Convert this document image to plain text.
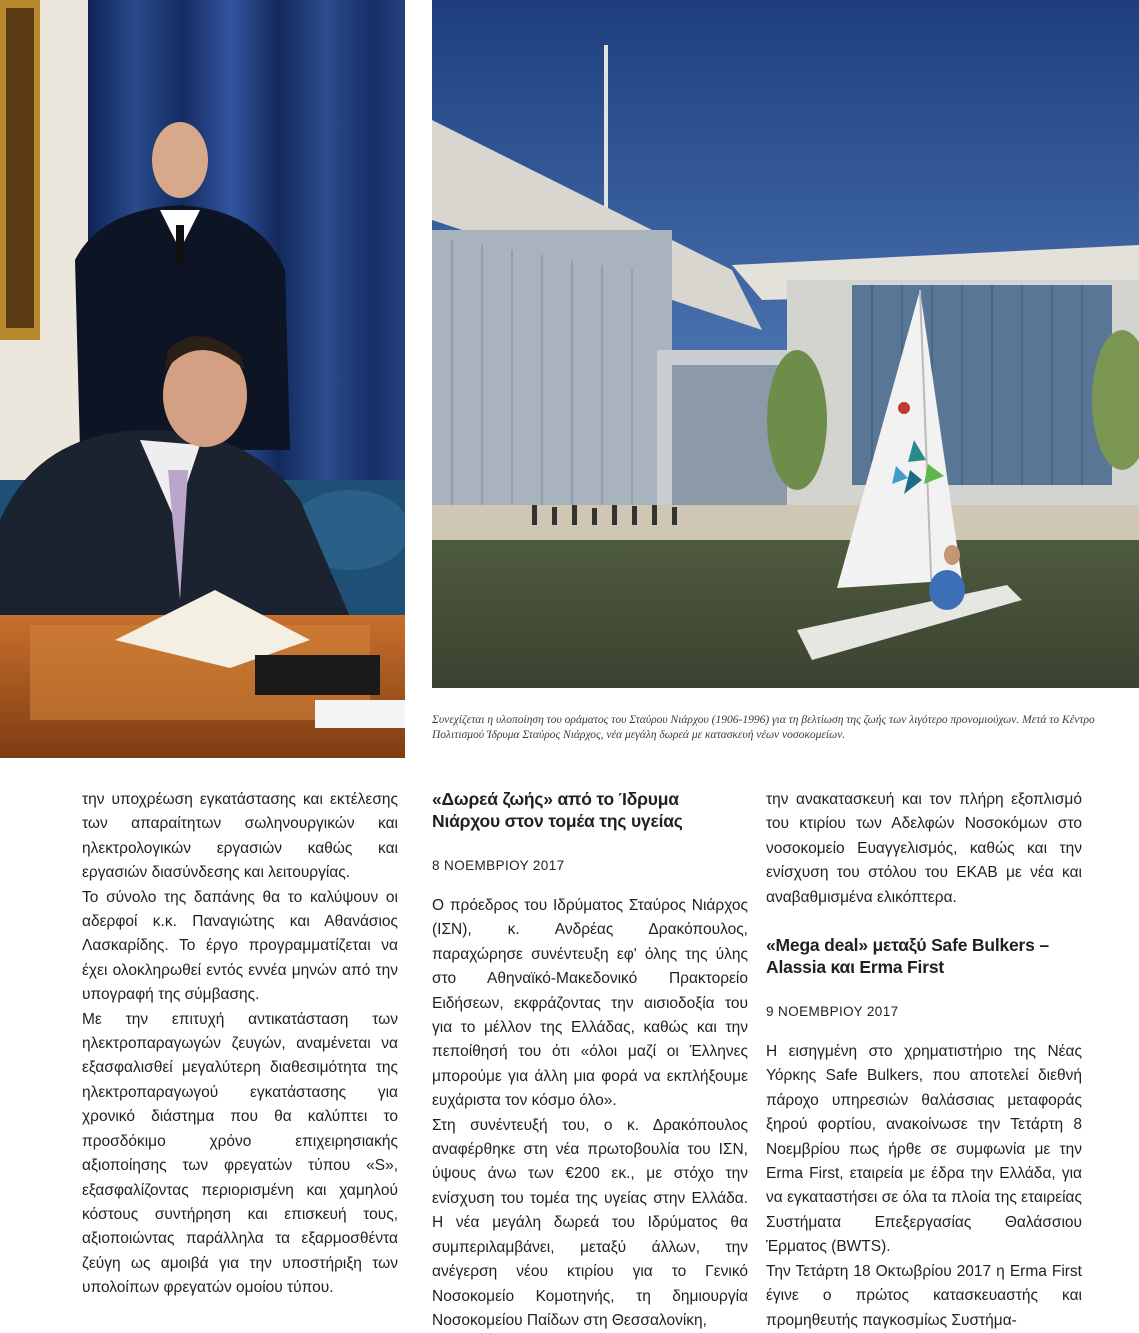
Συνεχίζεται η υλοποίηση του οράματος του Σταύρου Νιάρχου (1906-1996) για τη βελτίωση της ζωής των λιγότερο προνομιούχων. Μετά το Κέντρο Πολιτισμού Ίδρυμα Σταύρος Νιάρχος, νέα μεγάλη δωρεά με κατασκευή νέων νοσοκομείων.

την υποχρέωση εγκατάστασης και εκτέλεσης των απαραίτητων σωληνουργικών και ηλεκτρολογικών εργασιών καθώς και εργασιών διασύνδεσης και λειτουργίας.

Το σύνολο της δαπάνης θα το καλύψουν οι αδερφοί κ.κ. Παναγιώτης και Αθανάσιος Λασκαρίδης. Το έργο προγραμματίζεται να έχει ολοκληρωθεί εντός εννέα μηνών από την υπογραφή της σύμβασης.

Με την επιτυχή αντικατάσταση των ηλεκτροπαραγωγών ζευγών, αναμένεται να εξασφαλισθεί μεγαλύτερη διαθεσιμότητα της ηλεκτροπαραγωγού εγκατάστασης για χρονικό διάστημα που θα καλύπτει το προσδόκιμο χρόνο επιχειρησιακής αξιοποίησης των φρεγατών τύπου «S», εξασφαλίζοντας περιορισμένη και χαμηλού κόστους συντήρηση και επισκευή τους, αξιοποιώντας παράλληλα τα εξαρμοσθέντα ζεύγη ως αμοιβά για την υποστήριξη των υπολοίπων φρεγατών ομοίου τύπου.

«Δωρεά ζωής» από το Ίδρυμα Νιάρχου στον τομέα της υγείας

8 ΝΟΕΜΒΡΙΟΥ 2017

Ο πρόεδρος του Ιδρύματος Σταύρος Νιάρχος (ΙΣΝ), κ. Ανδρέας Δρακόπουλος, παραχώρησε συνέντευξη εφ' όλης της ύλης στο Αθηναϊκό-Μακεδονικό Πρακτορείο Ειδήσεων, εκφράζοντας την αισιοδοξία του για το μέλλον της Ελλάδας, καθώς και την πεποίθησή του ότι «όλοι μαζί οι Έλληνες μπορούμε για άλλη μια φορά να εκπλήξουμε ευχάριστα τον κόσμο όλο».

Στη συνέντευξή του, ο κ. Δρακόπουλος αναφέρθηκε στη νέα πρωτοβουλία του ΙΣΝ, ύψους άνω των €200 εκ., με στόχο την ενίσχυση του τομέα της υγείας στην Ελλάδα. Η νέα μεγάλη δωρεά του Ιδρύματος θα συμπεριλαμβάνει, μεταξύ άλλων, την ανέγερση νέου κτιρίου για το Γενικό Νοσοκομείο Κομοτηνής, τη δημιουργία Νοσοκομείου Παίδων στη Θεσσαλονίκη,

την ανακατασκευή και τον πλήρη εξοπλισμό του κτιρίου των Αδελφών Νοσοκόμων στο νοσοκομείο Ευαγγελισμός, καθώς και την ενίσχυση του στόλου του ΕΚΑΒ με νέα και αναβαθμισμένα ελικόπτερα.

«Mega deal» μεταξύ Safe Bulkers – Alassia και Erma First

9 ΝΟΕΜΒΡΙΟΥ 2017

Η εισηγμένη στο χρηματιστήριο της Νέας Υόρκης Safe Bulkers, που αποτελεί διεθνή πάροχο υπηρεσιών θαλάσσιας μεταφοράς ξηρού φορτίου, ανακοίνωσε την Τετάρτη 8 Νοεμβρίου πως ήρθε σε συμφωνία με την Erma First, εταιρεία με έδρα την Ελλάδα, για να εγκαταστήσει σε όλα τα πλοία της εταιρείας Συστήματα Επεξεργασίας Θαλάσσιου Έρματος (BWTS).

Την Τετάρτη 18 Οκτωβρίου 2017 η Erma First έγινε ο πρώτος κατασκευαστής και προμηθευτής παγκοσμίως Συστήμα-
